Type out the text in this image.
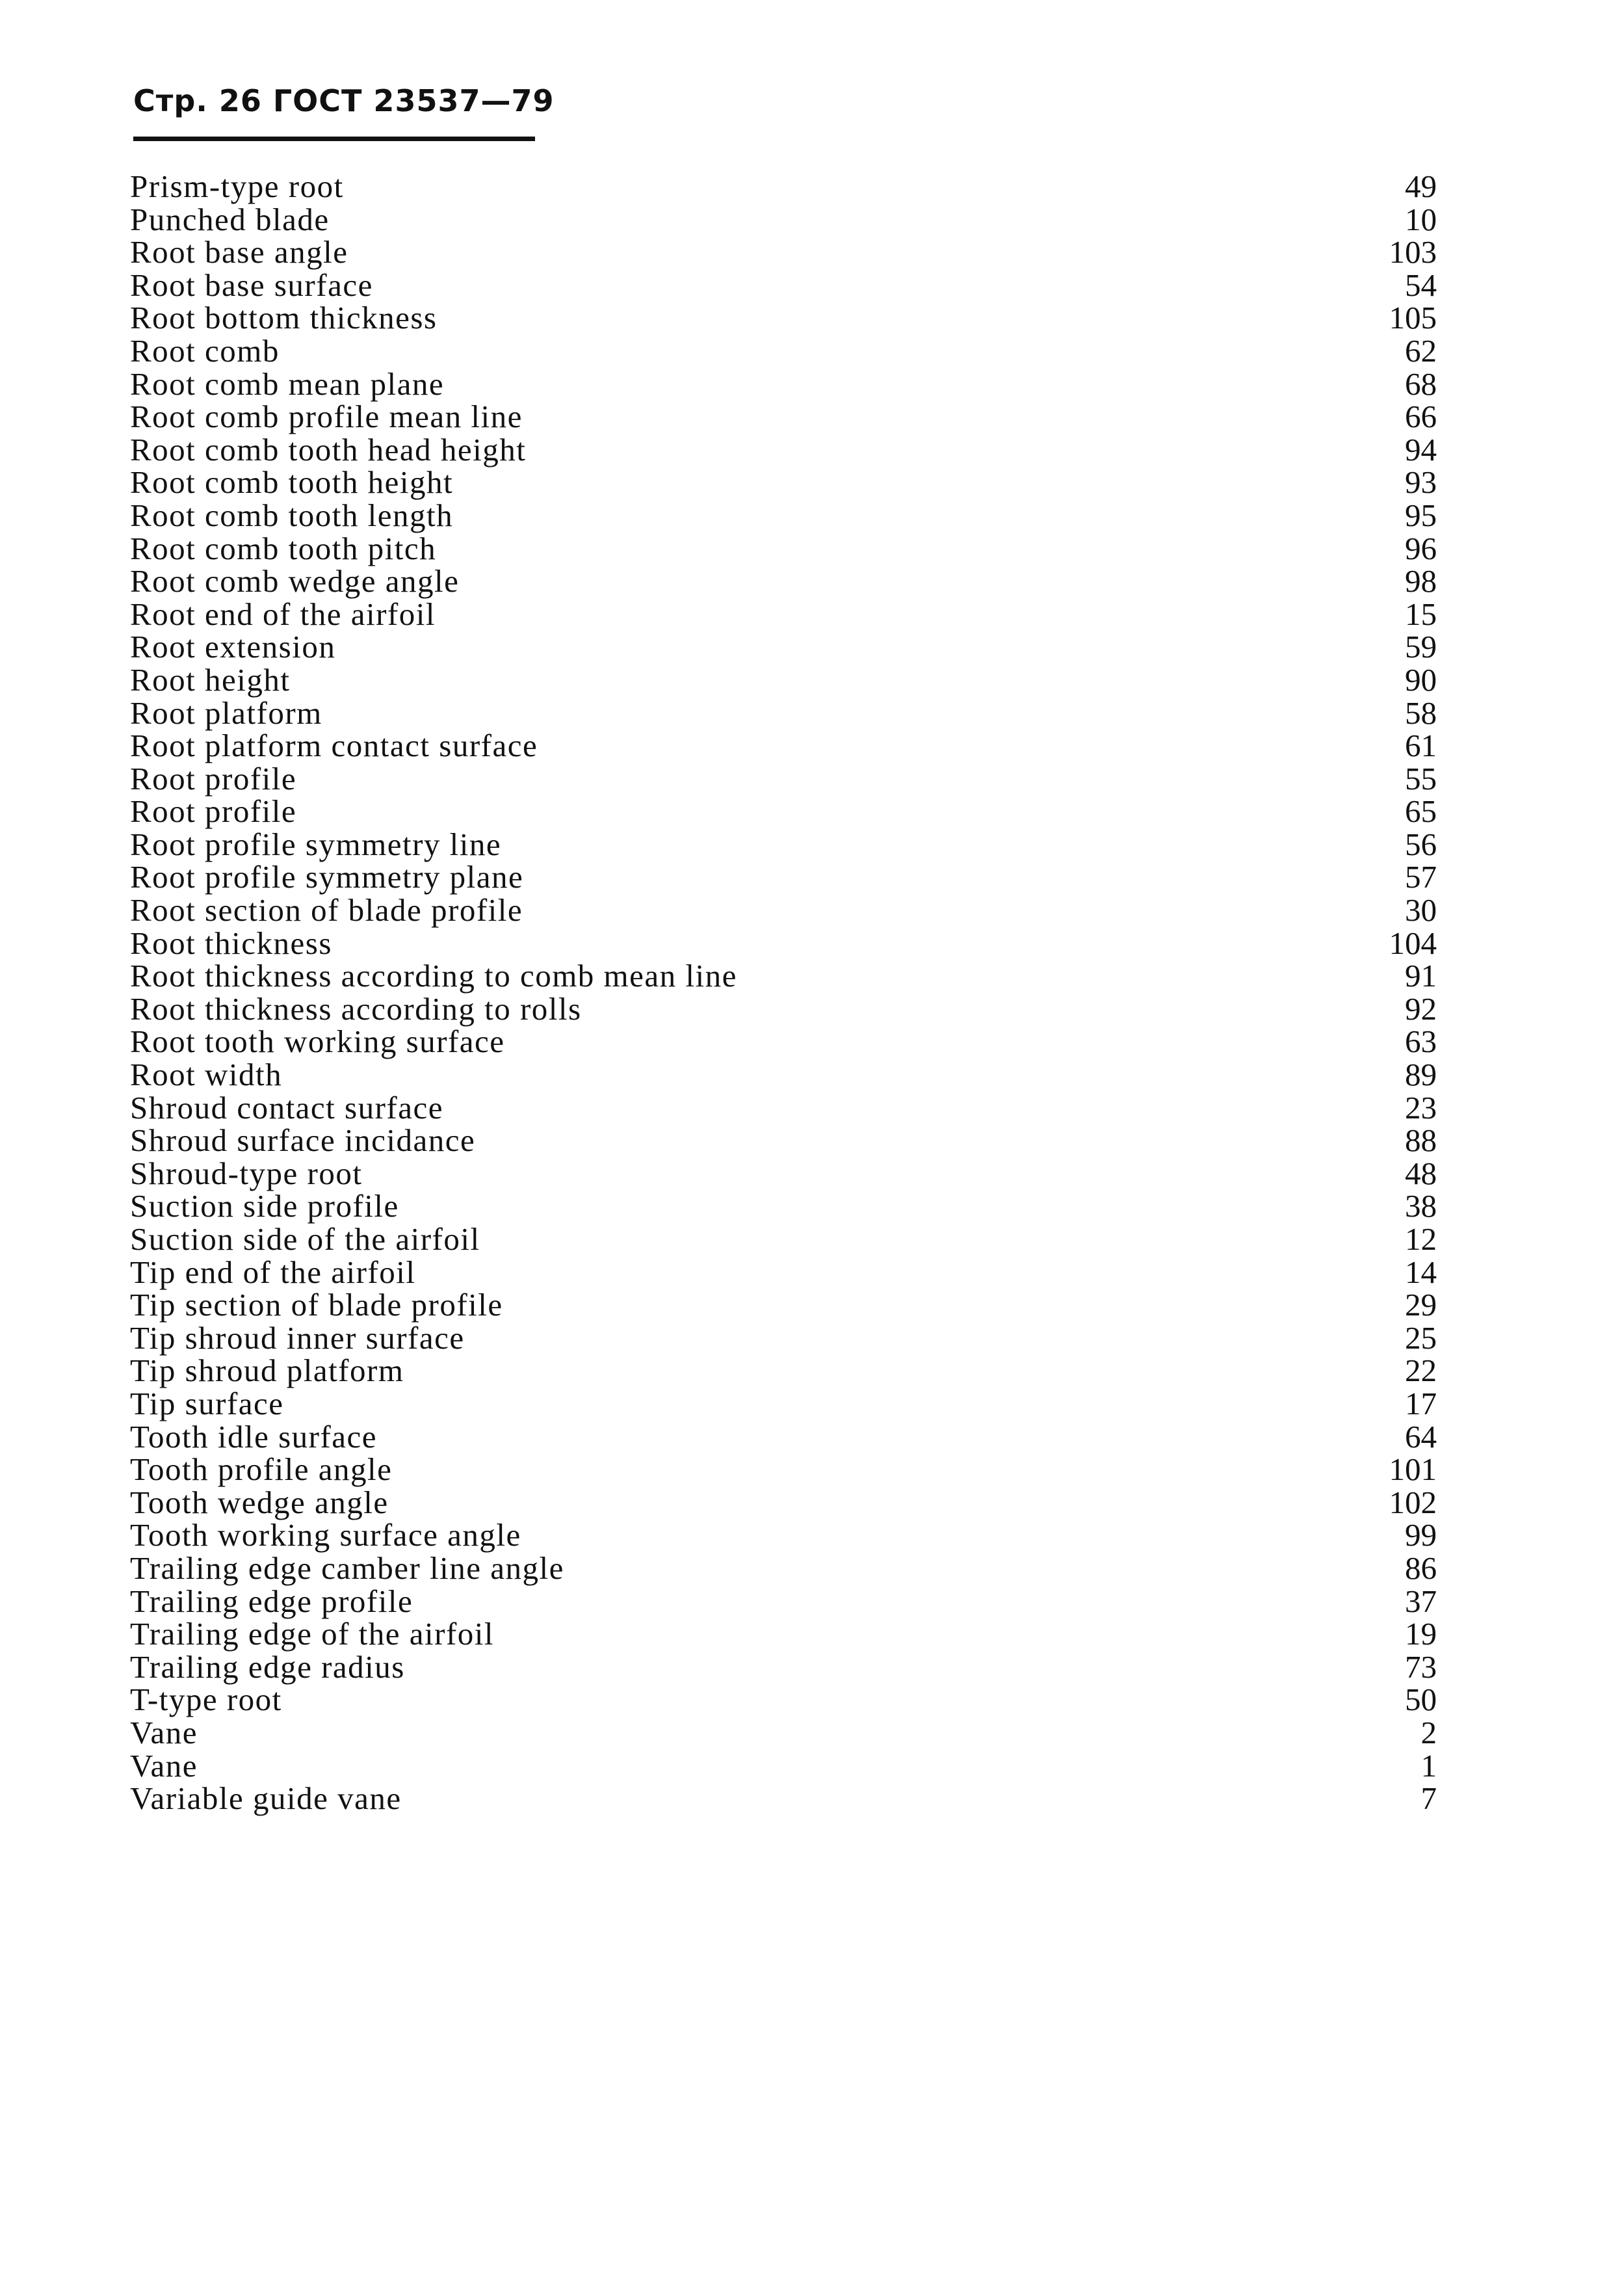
Стр. 26 ГОСТ 23537—79
Prism-type root	49
Punched blade	10
Root base angle	103
Root base surface	54
Root bottom thickness	105
Root comb	62
Root comb mean plane	68
Root comb profile mean line	66
Root comb tooth head height	94
Root comb tooth height	93
Root comb tooth length	95
Root comb tooth pitch	96
Root comb wedge angle	98
Root end of the airfoil	15
Root extension	59
Root height	90
Root platform	58
Root platform contact surface	61
Root profile	55
Root profile	65
Root profile symmetry line	56
Root profile symmetry plane	57
Root section of blade profile	30
Root thickness	104
Root thickness according to comb mean line	91
Root thickness according to rolls	92
Root tooth working surface	63
Root width	89
Shroud contact surface	23
Shroud surface incidance	88
Shroud-type root	48
Suction side profile	38
Suction side of the airfoil	12
Tip end of the airfoil	14
Tip section of blade profile	29
Tip shroud inner surface	25
Tip shroud platform	22
Tip surface	17
Tooth idle surface	64
Tooth profile angle	101
Tooth wedge angle	102
Tooth working surface angle	99
Trailing edge camber line angle	86
Trailing edge profile	37
Trailing edge of the airfoil	19
Trailing edge radius	73
T-type root	50
Vane	2
Vane	1
Variable guide vane	7
